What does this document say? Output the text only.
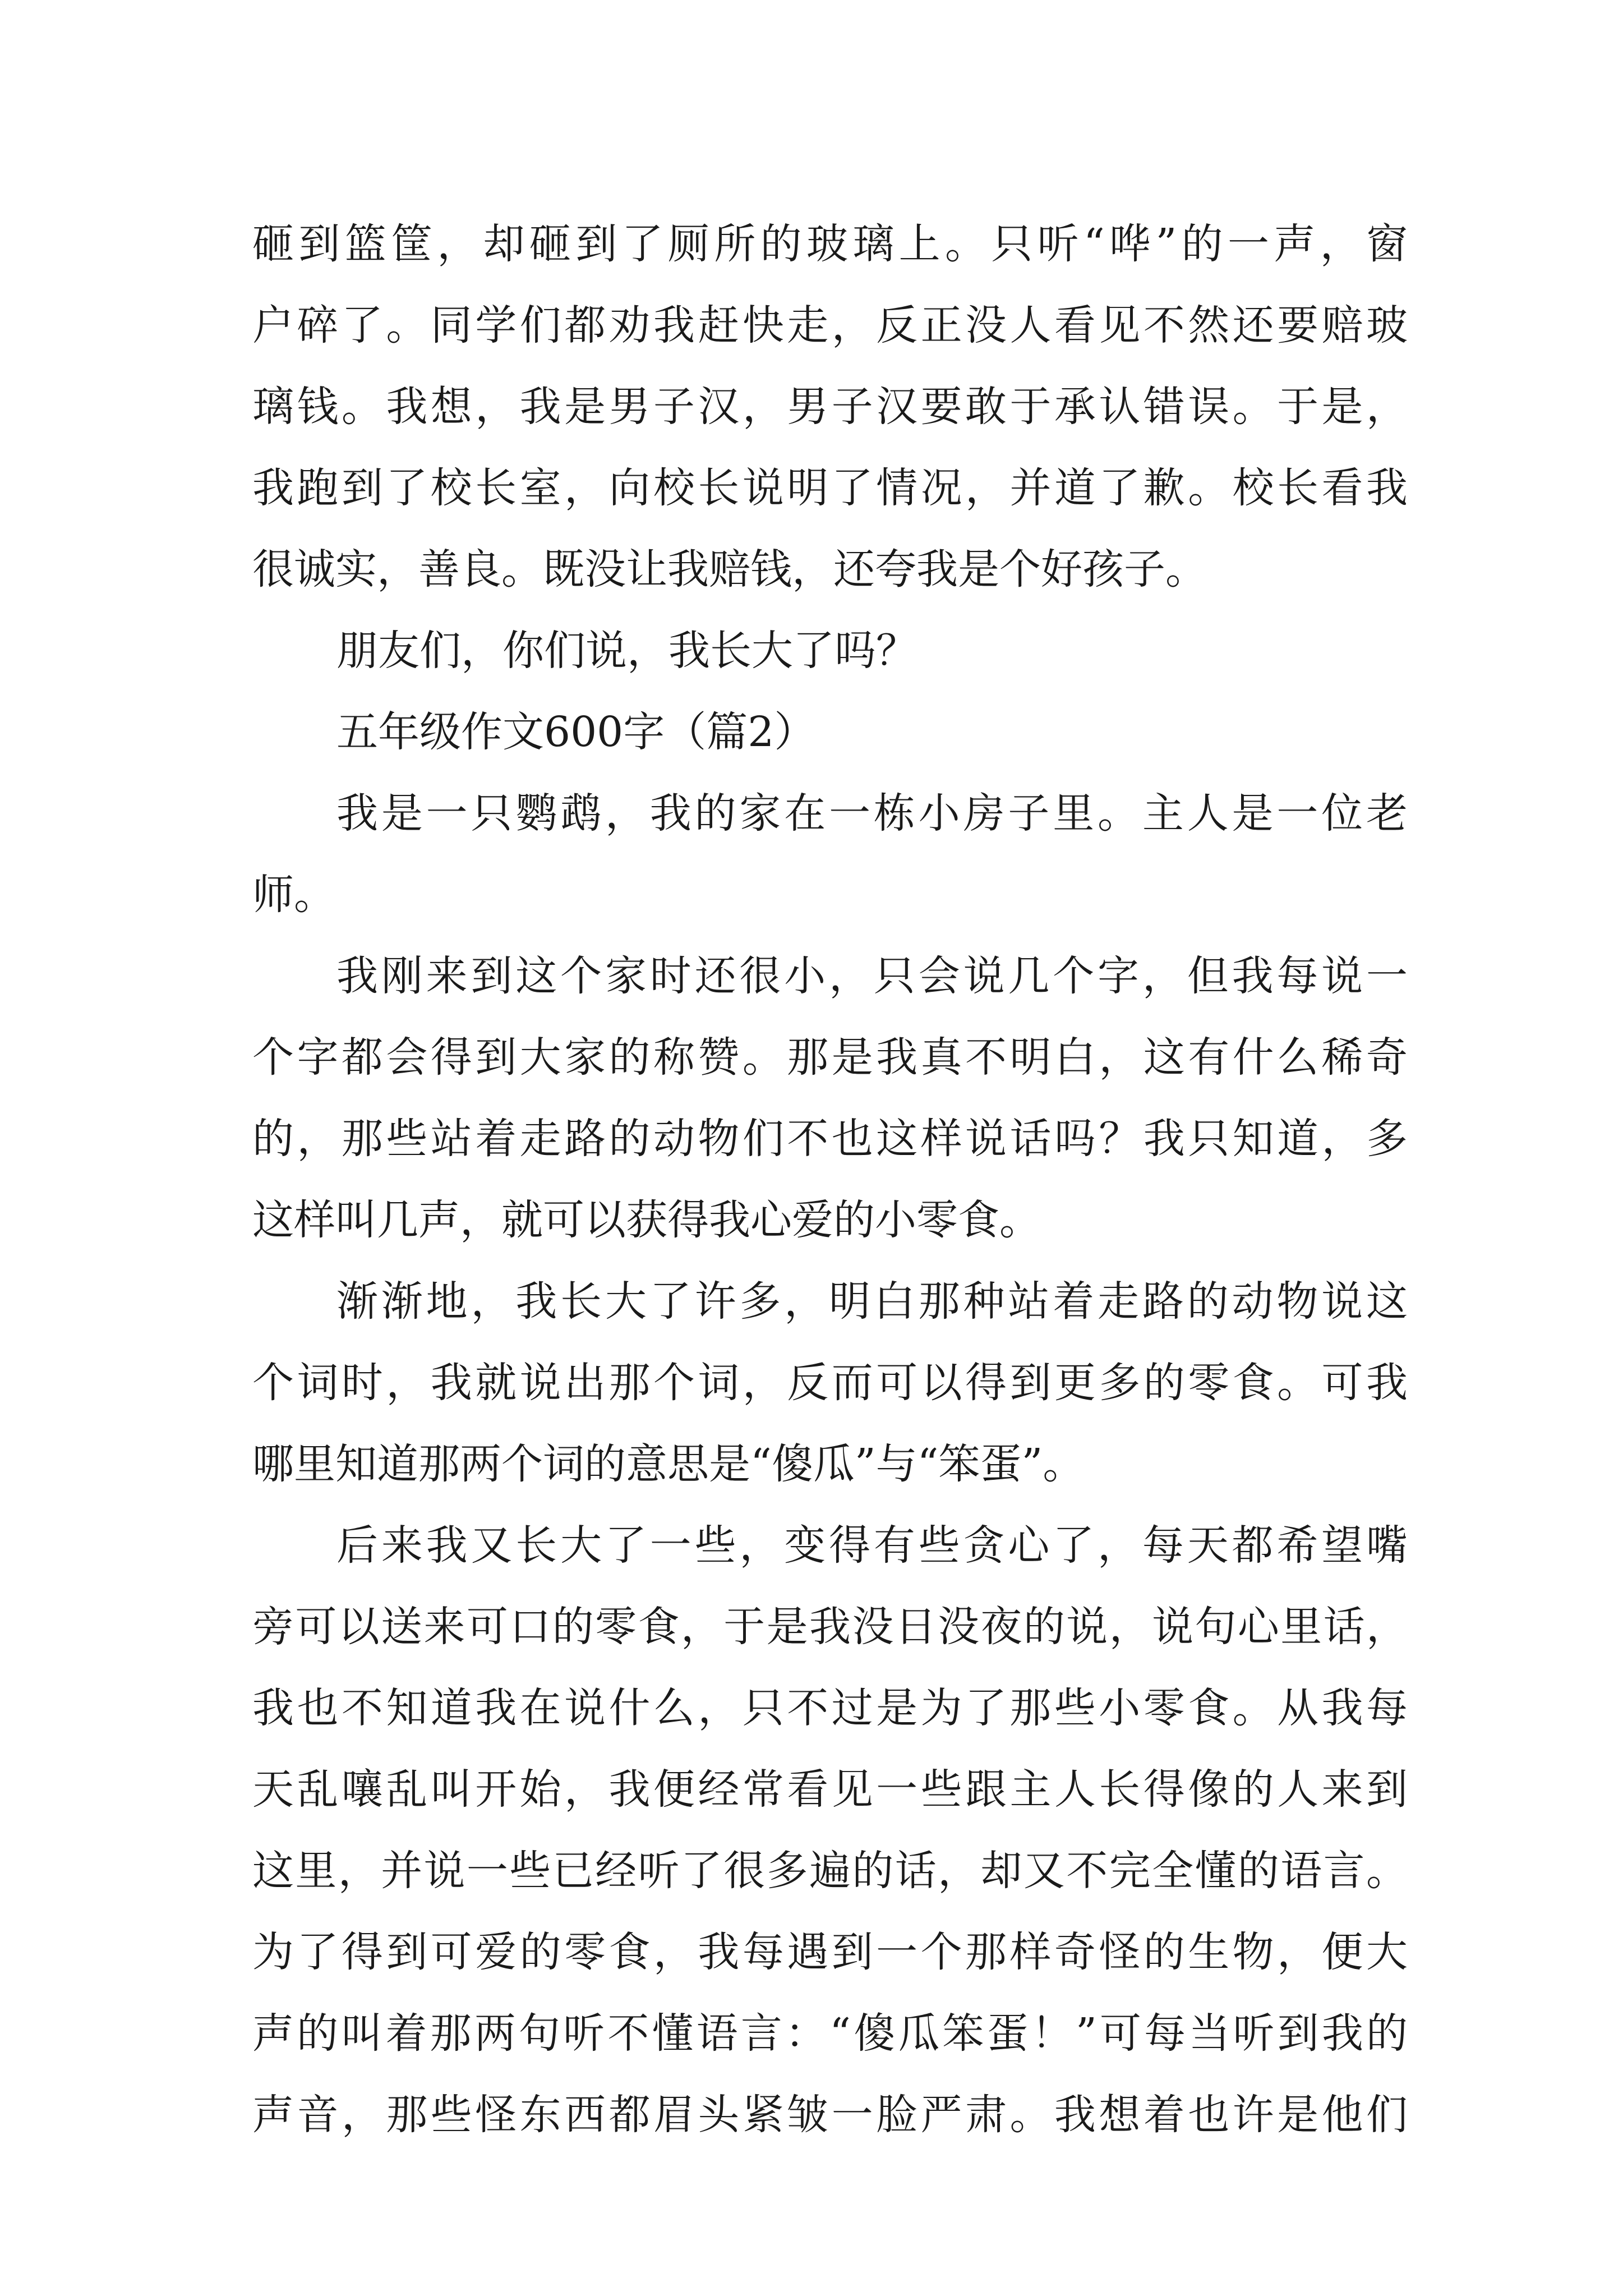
砸到篮筐，却砸到了厕所的玻璃上。只听“哗”的一声，窗
户碎了。同学们都劝我赶快走，反正没人看见不然还要赔玻
璃钱。我想，我是男子汉，男子汉要敢于承认错误。于是，
我跑到了校长室，向校长说明了情况，并道了歉。校长看我
很诚实，善良。既没让我赔钱，还夸我是个好孩子。
朋友们，你们说，我长大了吗？
五年级作文600字（篇2）
我是一只鹦鹉，我的家在一栋小房子里。主人是一位老
师。
我刚来到这个家时还很小，只会说几个字，但我每说一
个字都会得到大家的称赞。那是我真不明白，这有什么稀奇
的，那些站着走路的动物们不也这样说话吗？我只知道，多
这样叫几声，就可以获得我心爱的小零食。
渐渐地，我长大了许多，明白那种站着走路的动物说这
个词时，我就说出那个词，反而可以得到更多的零食。可我
哪里知道那两个词的意思是“傻瓜”与“笨蛋”。
后来我又长大了一些，变得有些贪心了，每天都希望嘴
旁可以送来可口的零食，于是我没日没夜的说，说句心里话，
我也不知道我在说什么，只不过是为了那些小零食。从我每
天乱嚷乱叫开始，我便经常看见一些跟主人长得像的人来到
这里，并说一些已经听了很多遍的话，却又不完全懂的语言。
为了得到可爱的零食，我每遇到一个那样奇怪的生物，便大
声的叫着那两句听不懂语言：“傻瓜笨蛋！”可每当听到我的
声音，那些怪东西都眉头紧皱一脸严肃。我想着也许是他们
